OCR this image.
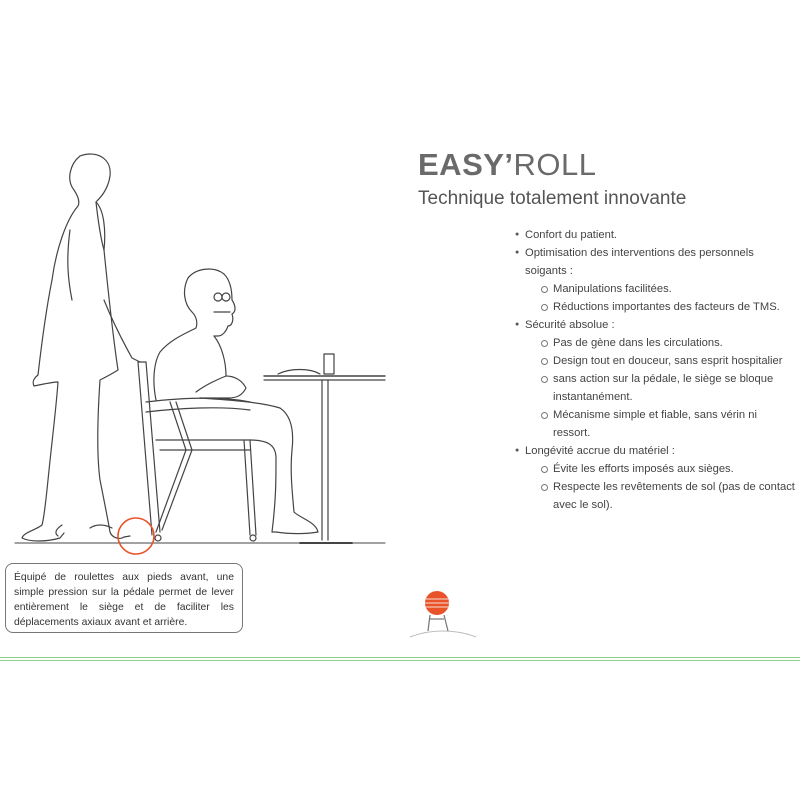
EASY’ROLL
Technique totalement innovante
● Confort du patient.
● Optimisation des interventions des personnels soigants :
Manipulations facilitées.
Réductions importantes des facteurs de TMS.
● Sécurité absolue :
Pas de gène dans les circulations.
Design tout en douceur, sans esprit hospitalier
sans action sur la pédale, le siège se bloque instantanément.
Mécanisme simple et fiable, sans vérin ni ressort.
● Longévité accrue du matériel :
Évite les efforts imposés aux sièges.
Respecte les revêtements de sol (pas de contact avec le sol).
Équipé de roulettes aux pieds avant, une simple pression sur la pédale permet de lever entièrement le siège et de faciliter les déplacements axiaux avant et arrière.
